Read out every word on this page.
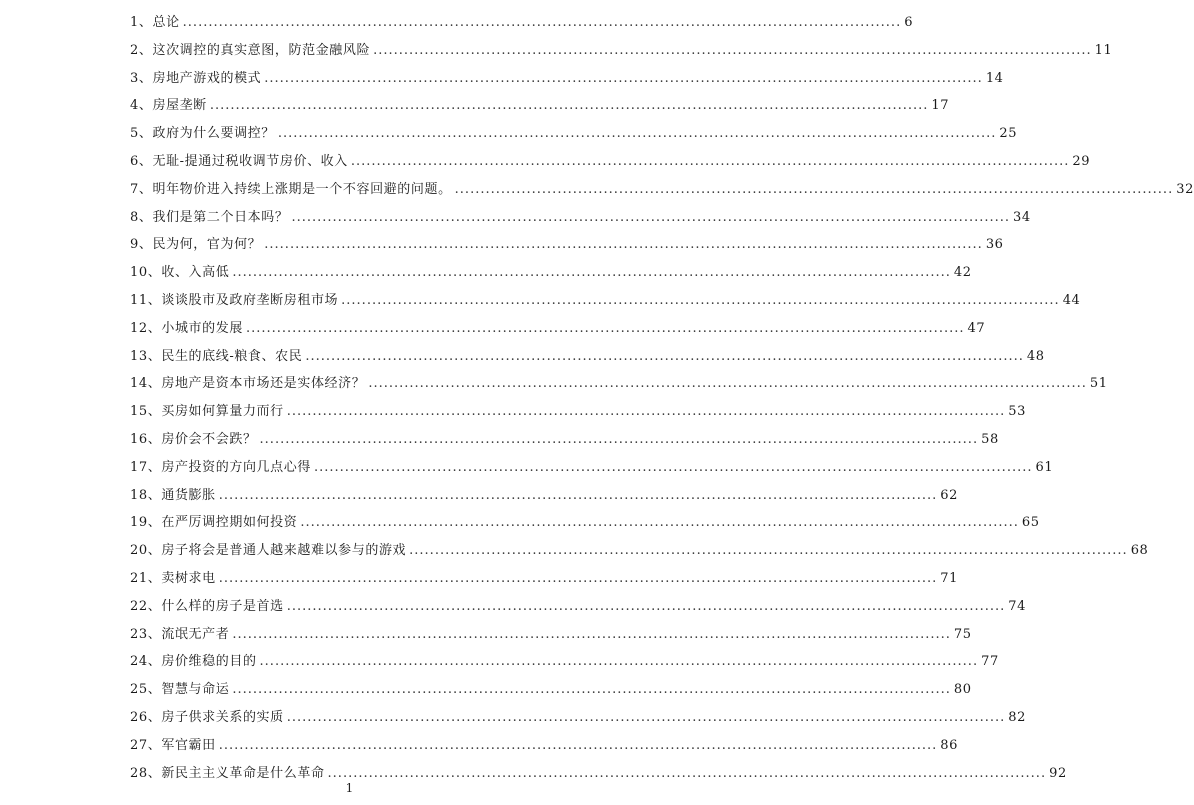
1、总论 ............................................................................................................................................ 6
2、这次调控的真实意图，防范金融风险 ............................................................................................................................................ 11
3、房地产游戏的模式 ............................................................................................................................................ 14
4、房屋垄断 ............................................................................................................................................ 17
5、政府为什么要调控？ ............................................................................................................................................ 25
6、无耻-提通过税收调节房价、收入 ............................................................................................................................................ 29
7、明年物价进入持续上涨期是一个不容回避的问题。 ............................................................................................................................................ 32
8、我们是第二个日本吗？ ............................................................................................................................................ 34
9、民为何，官为何？ ............................................................................................................................................ 36
10、收、入高低 ............................................................................................................................................ 42
11、谈谈股市及政府垄断房租市场 ............................................................................................................................................ 44
12、小城市的发展 ............................................................................................................................................ 47
13、民生的底线-粮食、农民 ............................................................................................................................................ 48
14、房地产是资本市场还是实体经济？ ............................................................................................................................................ 51
15、买房如何算量力而行 ............................................................................................................................................ 53
16、房价会不会跌？ ............................................................................................................................................ 58
17、房产投资的方向几点心得 ............................................................................................................................................ 61
18、通货膨胀 ............................................................................................................................................ 62
19、在严厉调控期如何投资 ............................................................................................................................................ 65
20、房子将会是普通人越来越难以参与的游戏 ............................................................................................................................................ 68
21、卖树求电 ............................................................................................................................................ 71
22、什么样的房子是首选 ............................................................................................................................................ 74
23、流氓无产者 ............................................................................................................................................ 75
24、房价维稳的目的 ............................................................................................................................................ 77
25、智慧与命运 ............................................................................................................................................ 80
26、房子供求关系的实质 ............................................................................................................................................ 82
27、军官霸田 ............................................................................................................................................ 86
28、新民主主义革命是什么革命 ............................................................................................................................................ 92
1
